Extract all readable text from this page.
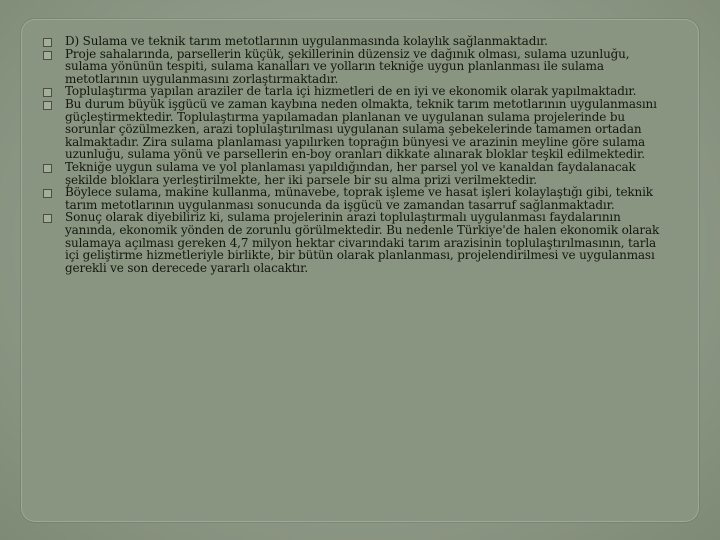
D) Sulama ve teknik tarım metotlarının uygulanmasında kolaylık sağlanmaktadır.
Proje sahalarında, parsellerin küçük, şekillerinin düzensiz ve dağınık olması, sulama uzunluğu, sulama yönünün tespiti, sulama kanalları ve yolların tekniğe uygun planlanması ile sulama metotlarının uygulanmasını zorlaştırmaktadır.
Toplulaştırma yapılan araziler de tarla içi hizmetleri de en iyi ve ekonomik olarak yapılmaktadır.
Bu durum büyük işgücü ve zaman kaybına neden olmakta, teknik tarım metotlarının uygulanmasını güçleştirmektedir. Toplulaştırma yapılamadan planlanan ve uygulanan sulama projelerinde bu sorunlar çözülmezken, arazi toplulaştırılması uygulanan sulama şebekelerinde tamamen ortadan kalmaktadır. Zira sulama planlaması yapılırken toprağın bünyesi ve arazinin meyline göre sulama uzunluğu, sulama yönü ve parsellerin en-boy oranları dikkate alınarak bloklar teşkil edilmektedir.
Tekniğe uygun sulama ve yol planlaması yapıldığından, her parsel yol ve kanaldan faydalanacak şekilde bloklara yerleştirilmekte, her iki parsele bir su alma prizi verilmektedir.
Böylece sulama, makine kullanma, münavebe, toprak işleme ve hasat işleri kolaylaştığı gibi, teknik tarım metotlarının uygulanması sonucunda da işgücü ve zamandan tasarruf sağlanmaktadır.
Sonuç olarak diyebiliriz ki, sulama projelerinin arazi toplulaştırmalı uygulanması faydalarının yanında, ekonomik yönden de zorunlu görülmektedir. Bu nedenle Türkiye'de halen ekonomik olarak sulamaya açılması gereken 4,7 milyon hektar civarındaki tarım arazisinin toplulaştırılmasının, tarla içi geliştirme hizmetleriyle birlikte, bir bütün olarak planlanması, projelendirilmesi ve uygulanması gerekli ve son derecede yararlı olacaktır.
